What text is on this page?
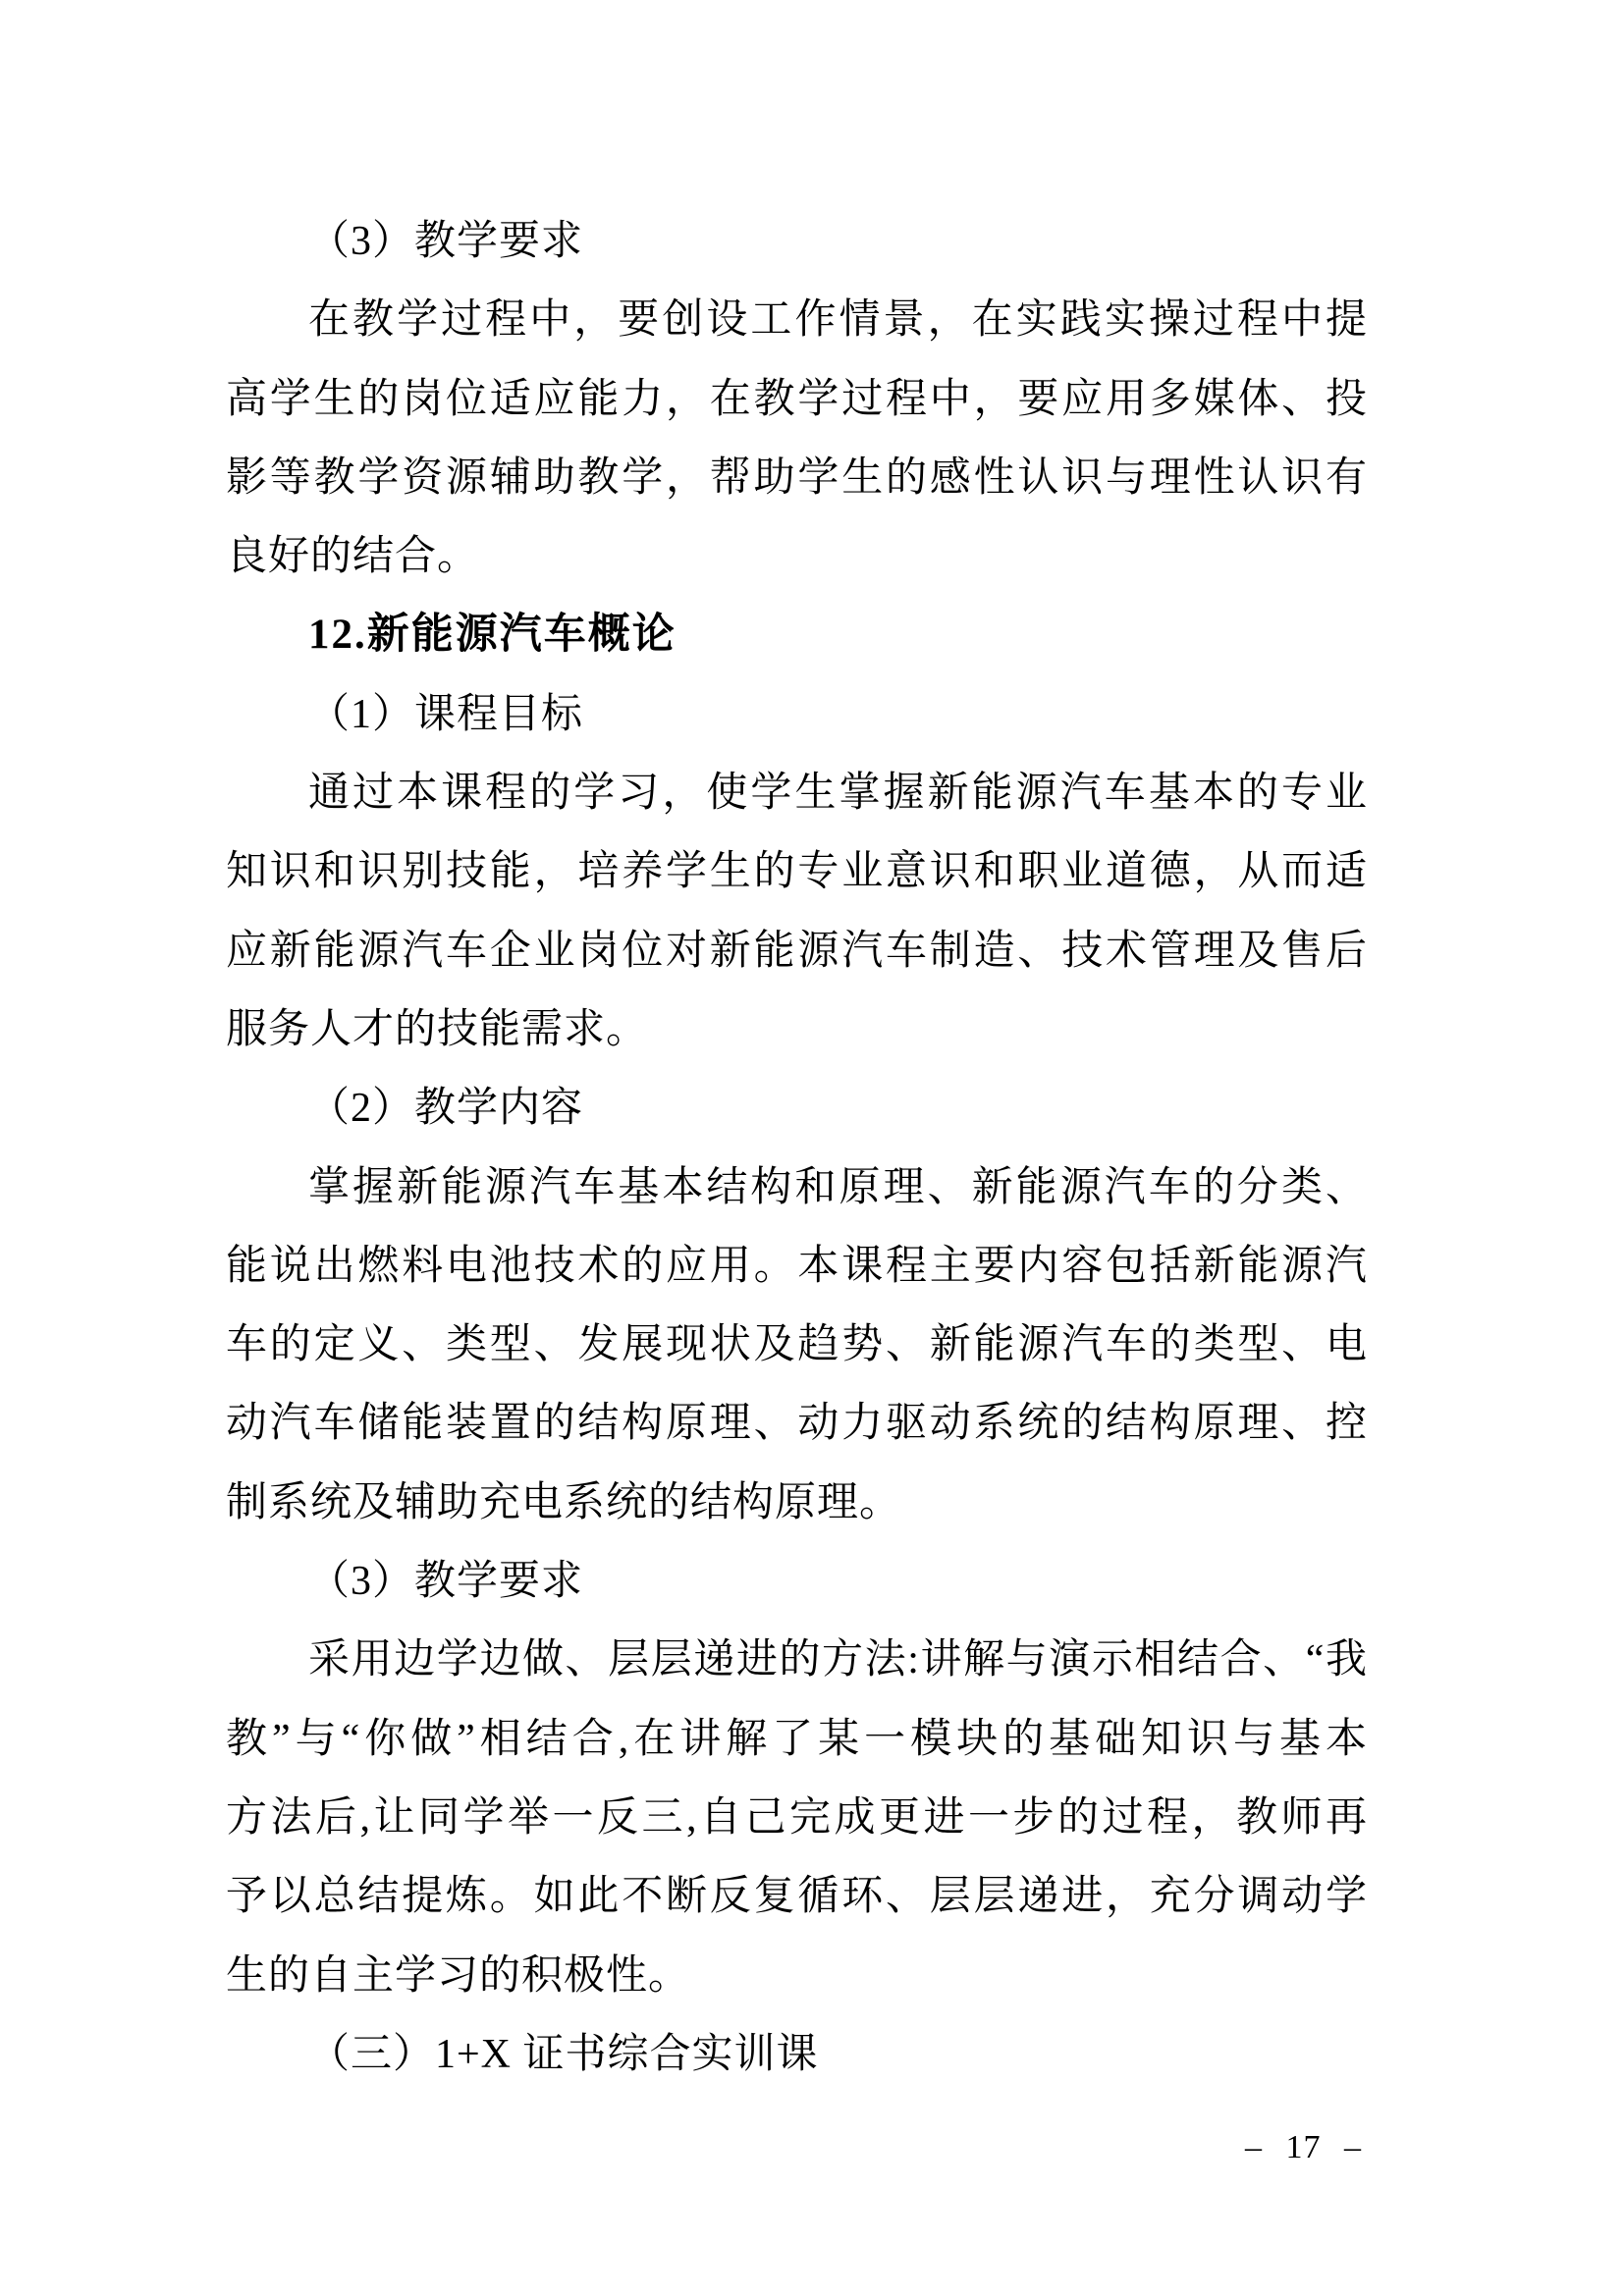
（3）教学要求
在教学过程中，要创设工作情景，在实践实操过程中提
高学生的岗位适应能力，在教学过程中，要应用多媒体、投
影等教学资源辅助教学，帮助学生的感性认识与理性认识有
良好的结合。
12.新能源汽车概论
（1）课程目标
通过本课程的学习，使学生掌握新能源汽车基本的专业
知识和识别技能，培养学生的专业意识和职业道德，从而适
应新能源汽车企业岗位对新能源汽车制造、技术管理及售后
服务人才的技能需求。
（2）教学内容
掌握新能源汽车基本结构和原理、新能源汽车的分类、
能说出燃料电池技术的应用。本课程主要内容包括新能源汽
车的定义、类型、发展现状及趋势、新能源汽车的类型、电
动汽车储能装置的结构原理、动力驱动系统的结构原理、控
制系统及辅助充电系统的结构原理。
（3）教学要求
采用边学边做、层层递进的方法:讲解与演示相结合、“我
教”与“你做”相结合,在讲解了某一模块的基础知识与基本
方法后,让同学举一反三,自己完成更进一步的过程，教师再
予以总结提炼。如此不断反复循环、层层递进，充分调动学
生的自主学习的积极性。
（三）1+X 证书综合实训课
– 17 –
